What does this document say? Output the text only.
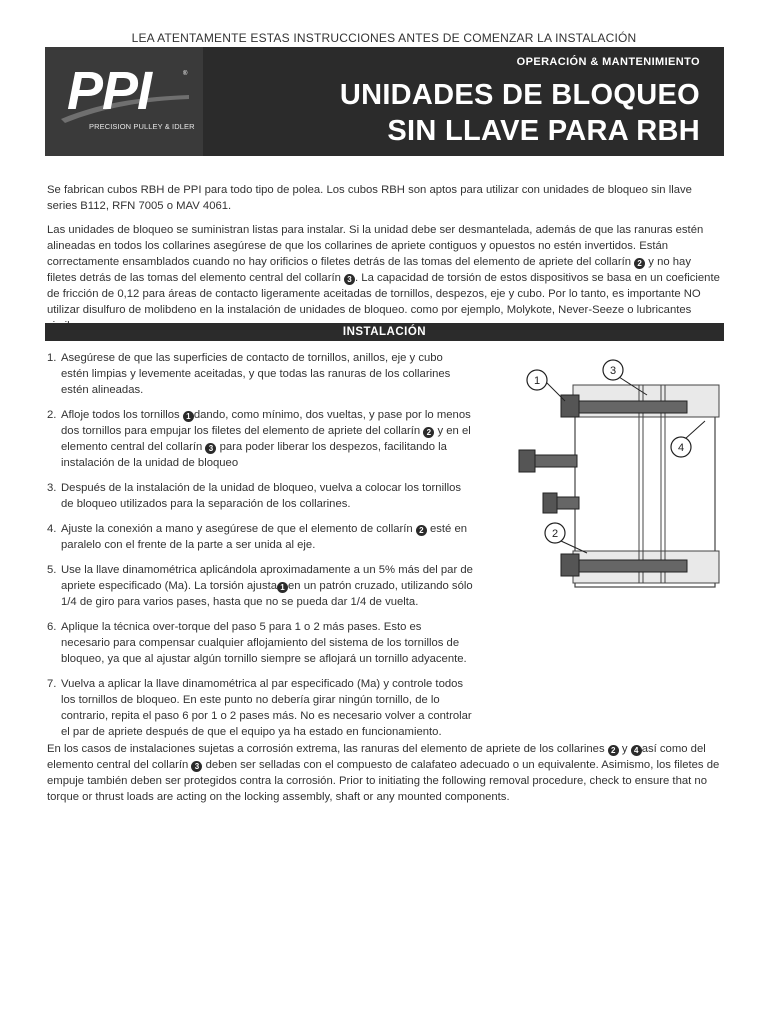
LEA ATENTAMENTE ESTAS INSTRUCCIONES ANTES DE COMENZAR LA INSTALACIÓN
PPI	®
PRECISION PULLEY & IDLER
OPERACIÓN & MANTENIMIENTO
UNIDADES DE BLOQUEO
SIN LLAVE PARA RBH

Se fabrican cubos RBH de PPI para todo tipo de polea. Los cubos RBH son aptos para utilizar con unidades de bloqueo sin llave series B112, RFN 7005 o MAV 4061.

Las unidades de bloqueo se suministran listas para instalar. Si la unidad debe ser desmantelada, además de que las ranuras estén alineadas en todos los collarines asegúrese de que los collarines de apriete contiguos y opuestos no estén invertidos. Están correctamente ensamblados cuando no hay orificios o filetes detrás de las tomas del elemento de apriete del collarín 2 y no hay filetes detrás de las tomas del elemento central del collarín 3 . La capacidad de torsión de estos dispositivos se basa en un coeficiente de fricción de 0,12 para áreas de contacto ligeramente aceitadas de tornillos, despezos, eje y cubo. Por lo tanto, es importante NO utilizar disulfuro de molibdeno en la instalación de unidades de bloqueo. como por ejemplo, Molykote, Never-Seeze o lubricantes

INSTALACIÓN
1. Asegúrese de que las superficies de contacto de tornillos, anillos, eje y cubo estén limpias y levemente aceitadas, y que todas las ranuras de los collarines estén alineadas.
2. Afloje todos los tornillos 1 dando, como mínimo, dos vueltas, y pase por lo menos dos tornillos para empujar los filetes del elemento de apriete del collarín 2 y en el elemento central del collarín 3 para poder liberar los despezos, facilitando la instalación de la unidad de bloqueo
3. Después de la instalación de la unidad de bloqueo, vuelva a colocar los tornillos de bloqueo utilizados para la separación de los collarines.
4. Ajuste la conexión a mano y asegúrese de que el elemento de collarín 2 esté en paralelo con el frente de la parte a ser unida al eje.
5. Use la llave dinamométrica aplicándola aproximadamente a un 5% más del par de apriete especificado (Ma). La torsión ajusta 1 en un patrón cruzado, utilizando sólo 1/4 de giro para varios pases, hasta que no se pueda dar 1/4 de vuelta.
6. Aplique la técnica over-torque del paso 5 para 1 o 2 más pases. Esto es necesario para compensar cualquier aflojamiento del sistema de los tornillos de bloqueo, ya que al ajustar algún tornillo siempre se aflojará un tornillo adyacente.
7. Vuelva a aplicar la llave dinamométrica al par especificado (Ma) y controle todos los tornillos de bloqueo. En este punto no debería girar ningún tornillo, de lo contrario, repita el paso 6 por 1 o 2 pases más. No es necesario volver a controlar el par de apriete después de que el equipo ya ha estado en funcionamiento.

En los casos de instalaciones sujetas a corrosión extrema, las ranuras del elemento de apriete de los collarines 2 y 4 así como del elemento central del collarín 3 deben ser selladas con el compuesto de calafateo adecuado o un equivalente. Asimismo, los filetes de empuje también deben ser protegidos contra la corrosión. Prior to initiating the following removal procedure, check to ensure that no torque or thrust loads are acting on the locking assembly, shaft or any mounted components.

1
3
4
2
